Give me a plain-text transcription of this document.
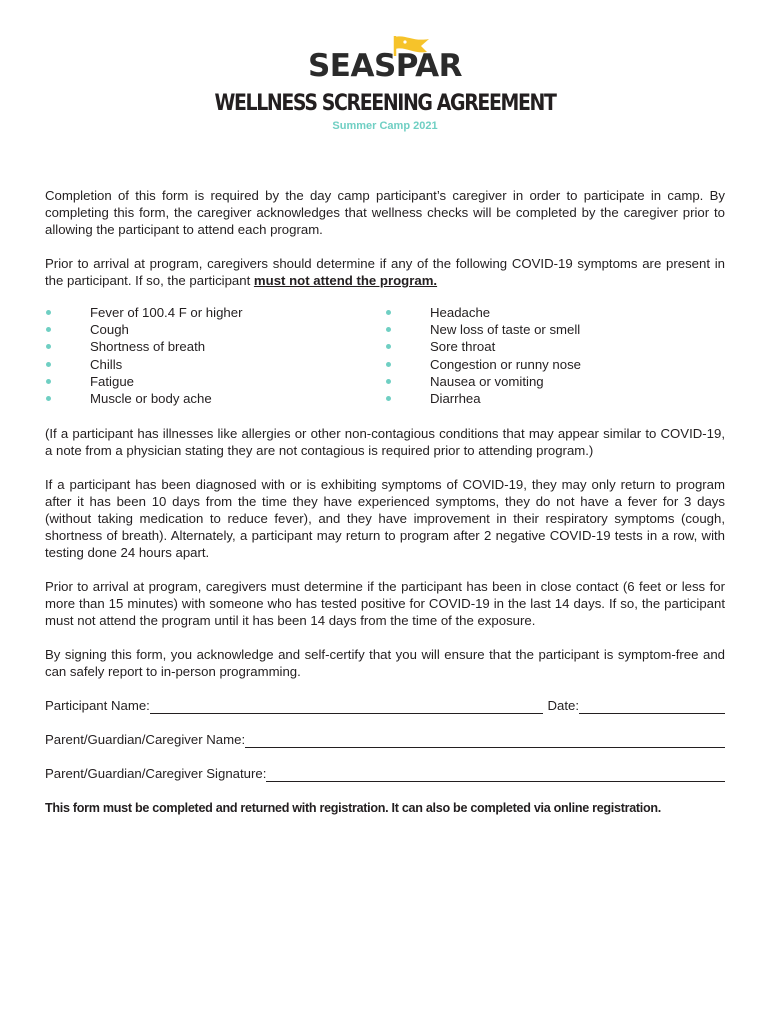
SEASPAR
WELLNESS SCREENING AGREEMENT
Summer Camp 2021

Completion of this form is required by the day camp participant’s caregiver in order to participate in camp. By completing this form, the caregiver acknowledges that wellness checks will be completed by the caregiver prior to allowing the participant to attend each program.

Prior to arrival at program, caregivers should determine if any of the following COVID-19 symptoms are present in the participant. If so, the participant must not attend the program.

Fever of 100.4 F or higher
Cough
Shortness of breath
Chills
Fatigue
Muscle or body ache
Headache
New loss of taste or smell
Sore throat
Congestion or runny nose
Nausea or vomiting
Diarrhea

(If a participant has illnesses like allergies or other non-contagious conditions that may appear similar to COVID-19, a note from a physician stating they are not contagious is required prior to attending program.)

If a participant has been diagnosed with or is exhibiting symptoms of COVID-19, they may only return to program after it has been 10 days from the time they have experienced symptoms, they do not have a fever for 3 days (without taking medication to reduce fever), and they have improvement in their respiratory symptoms (cough, shortness of breath). Alternately, a participant may return to program after 2 negative COVID-19 tests in a row, with testing done 24 hours apart.

Prior to arrival at program, caregivers must determine if the participant has been in close contact (6 feet or less for more than 15 minutes) with someone who has tested positive for COVID-19 in the last 14 days. If so, the participant must not attend the program until it has been 14 days from the time of the exposure.

By signing this form, you acknowledge and self-certify that you will ensure that the participant is symptom-free and can safely report to in-person programming.

Participant Name:	Date:
Parent/Guardian/Caregiver Name:
Parent/Guardian/Caregiver Signature:
This form must be completed and returned with registration. It can also be completed via online registration.
